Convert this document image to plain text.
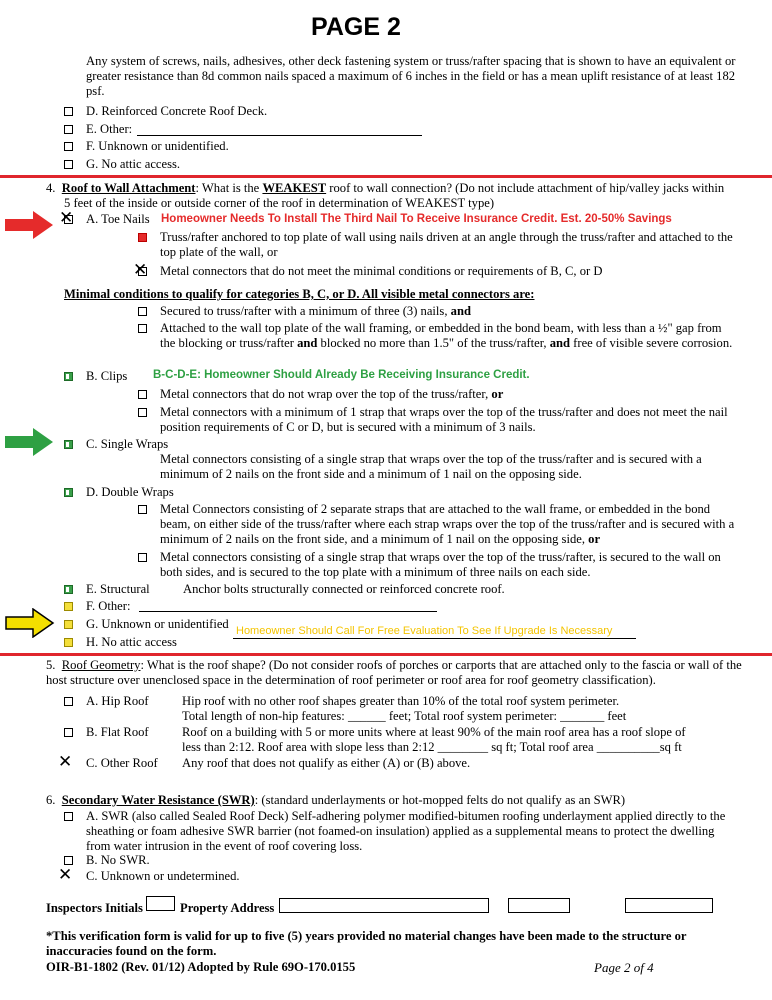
PAGE 2
Any system of screws, nails, adhesives, other deck fastening system or truss/rafter spacing that is shown to have an equivalent or greater resistance than 8d common nails spaced a maximum of 6 inches in the field or has a mean uplift resistance of at least 182 psf.
D. Reinforced Concrete Roof Deck.
E. Other:
F. Unknown or unidentified.
G. No attic access.
4. Roof to Wall Attachment: What is the WEAKEST roof to wall connection? (Do not include attachment of hip/valley jacks within
5 feet of the inside or outside corner of the roof in determination of WEAKEST type)
✕ A. Toe Nails Homeowner Needs To Install The Third Nail To Receive Insurance Credit. Est. 20-50% Savings
Truss/rafter anchored to top plate of wall using nails driven at an angle through the truss/rafter and attached to the top plate of the wall, or
✕ Metal connectors that do not meet the minimal conditions or requirements of B, C, or D
Minimal conditions to qualify for categories B, C, or D. All visible metal connectors are:
Secured to truss/rafter with a minimum of three (3) nails, and
Attached to the wall top plate of the wall framing, or embedded in the bond beam, with less than a ½" gap from the blocking or truss/rafter and blocked no more than 1.5" of the truss/rafter, and free of visible severe corrosion.
B. Clips B-C-D-E: Homeowner Should Already Be Receiving Insurance Credit.
Metal connectors that do not wrap over the top of the truss/rafter, or
Metal connectors with a minimum of 1 strap that wraps over the top of the truss/rafter and does not meet the nail position requirements of C or D, but is secured with a minimum of 3 nails.
C. Single Wraps
Metal connectors consisting of a single strap that wraps over the top of the truss/rafter and is secured with a minimum of 2 nails on the front side and a minimum of 1 nail on the opposing side.
D. Double Wraps
Metal Connectors consisting of 2 separate straps that are attached to the wall frame, or embedded in the bond beam, on either side of the truss/rafter where each strap wraps over the top of the truss/rafter and is secured with a minimum of 2 nails on the front side, and a minimum of 1 nail on the opposing side, or
Metal connectors consisting of a single strap that wraps over the top of the truss/rafter, is secured to the wall on both sides, and is secured to the top plate with a minimum of three nails on each side.
E. Structural	Anchor bolts structurally connected or reinforced concrete roof.
F. Other:
G. Unknown or unidentified Homeowner Should Call For Free Evaluation To See If Upgrade Is Necessary
H. No attic access
5. Roof Geometry: What is the roof shape? (Do not consider roofs of porches or carports that are attached only to the fascia or wall of the host structure over unenclosed space in the determination of roof perimeter or roof area for roof geometry classification).
A. Hip Roof	Hip roof with no other roof shapes greater than 10% of the total roof system perimeter.
Total length of non-hip features: ______ feet; Total roof system perimeter: _______ feet
B. Flat Roof	Roof on a building with 5 or more units where at least 90% of the main roof area has a roof slope of
less than 2:12. Roof area with slope less than 2:12 ________ sq ft; Total roof area __________sq ft
✕ C. Other Roof Any roof that does not qualify as either (A) or (B) above.
6. Secondary Water Resistance (SWR): (standard underlayments or hot-mopped felts do not qualify as an SWR)
A. SWR (also called Sealed Roof Deck) Self-adhering polymer modified-bitumen roofing underlayment applied directly to the sheathing or foam adhesive SWR barrier (not foamed-on insulation) applied as a supplemental means to protect the dwelling from water intrusion in the event of roof covering loss.
B. No SWR.
✕ C. Unknown or undetermined.
Inspectors Initials	Property Address
*This verification form is valid for up to five (5) years provided no material changes have been made to the structure or inaccuracies found on the form.
OIR-B1-1802 (Rev. 01/12) Adopted by Rule 69O-170.0155	Page 2 of 4
